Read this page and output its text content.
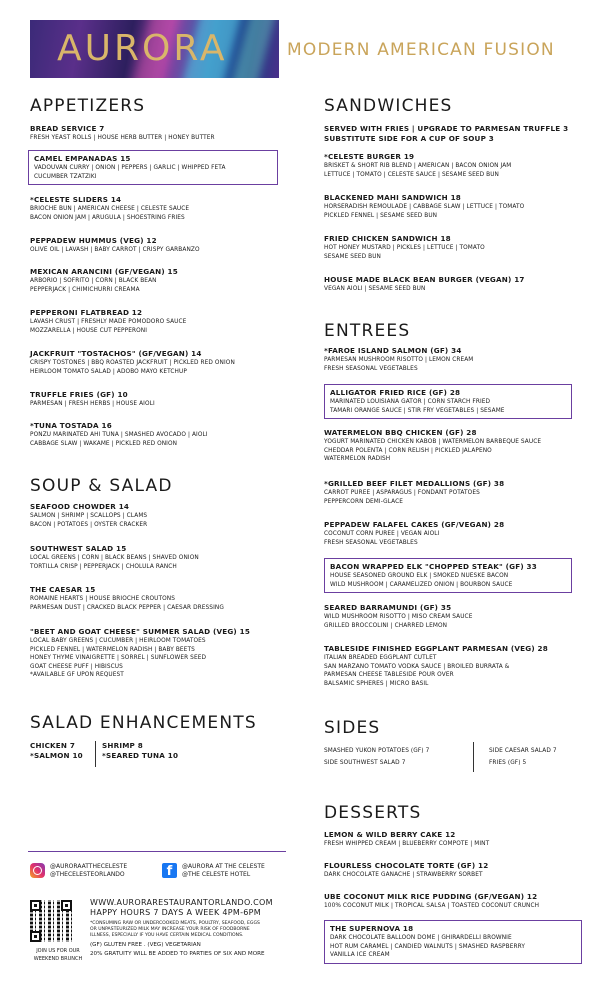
AURORA	MODERN AMERICAN FUSION
APPETIZERS
BREAD SERVICE 7
FRESH YEAST ROLLS | HOUSE HERB BUTTER | HONEY BUTTER
CAMEL EMPANADAS 15
VADOUVAN CURRY | ONION | PEPPERS | GARLIC | WHIPPED FETA
CUCUMBER TZATZIKI
*CELESTE SLIDERS 14
BRIOCHE BUN | AMERICAN CHEESE | CELESTE SAUCE
BACON ONION JAM | ARUGULA | SHOESTRING FRIES
PEPPADEW HUMMUS (VEG) 12
OLIVE OIL | LAVASH | BABY CARROT | CRISPY GARBANZO
MEXICAN ARANCINI (GF/VEGAN) 15
ARBORIO | SOFRITO | CORN | BLACK BEAN
PEPPERJACK | CHIMICHURRI CREAMA
PEPPERONI FLATBREAD 12
LAVASH CRUST | FRESHLY MADE POMODORO SAUCE
MOZZARELLA | HOUSE CUT PEPPERONI
JACKFRUIT "TOSTACHOS" (GF/VEGAN) 14
CRISPY TOSTONES | BBQ ROASTED JACKFRUIT | PICKLED RED ONION
HEIRLOOM TOMATO SALAD | ADOBO MAYO KETCHUP
TRUFFLE FRIES (GF) 10
PARMESAN | FRESH HERBS | HOUSE AIOLI
*TUNA TOSTADA 16
PONZU MARINATED AHI TUNA | SMASHED AVOCADO | AIOLI
CABBAGE SLAW | WAKAME | PICKLED RED ONION
SOUP & SALAD
SEAFOOD CHOWDER 14
SALMON | SHRIMP | SCALLOPS | CLAMS
BACON | POTATOES | OYSTER CRACKER
SOUTHWEST SALAD 15
LOCAL GREENS | CORN | BLACK BEANS | SHAVED ONION
TORTILLA CRISP | PEPPERJACK | CHOLULA RANCH
THE CAESAR 15
ROMAINE HEARTS | HOUSE BRIOCHE CROUTONS
PARMESAN DUST | CRACKED BLACK PEPPER | CAESAR DRESSING
"BEET AND GOAT CHEESE" SUMMER SALAD (VEG) 15
LOCAL BABY GREENS | CUCUMBER | HEIRLOOM TOMATOES
PICKLED FENNEL | WATERMELON RADISH | BABY BEETS
HONEY THYME VINAIGRETTE | SORREL | SUNFLOWER SEED
GOAT CHEESE PUFF | HIBISCUS
*AVAILABLE GF UPON REQUEST
SALAD ENHANCEMENTS
CHICKEN 7
*SALMON 10
SHRIMP 8
*SEARED TUNA 10
SANDWICHES
SERVED WITH FRIES | UPGRADE TO PARMESAN TRUFFLE 3
SUBSTITUTE SIDE FOR A CUP OF SOUP 3
*CELESTE BURGER 19
BRISKET & SHORT RIB BLEND | AMERICAN | BACON ONION JAM
LETTUCE | TOMATO | CELESTE SAUCE | SESAME SEED BUN
BLACKENED MAHI SANDWICH 18
HORSERADISH REMOULADE | CABBAGE SLAW | LETTUCE | TOMATO
PICKLED FENNEL | SESAME SEED BUN
FRIED CHICKEN SANDWICH 18
HOT HONEY MUSTARD | PICKLES | LETTUCE | TOMATO
SESAME SEED BUN
HOUSE MADE BLACK BEAN BURGER (VEGAN) 17
VEGAN AIOLI | SESAME SEED BUN
ENTREES
*FAROE ISLAND SALMON (GF) 34
PARMESAN MUSHROOM RISOTTO | LEMON CREAM
FRESH SEASONAL VEGETABLES
ALLIGATOR FRIED RICE (GF) 28
MARINATED LOUISIANA GATOR | CORN STARCH FRIED
TAMARI ORANGE SAUCE | STIR FRY VEGETABLES | SESAME
WATERMELON BBQ CHICKEN (GF) 28
YOGURT MARINATED CHICKEN KABOB | WATERMELON BARBEQUE SAUCE
CHEDDAR POLENTA | CORN RELISH | PICKLED JALAPENO
WATERMELON RADISH
*GRILLED BEEF FILET MEDALLIONS (GF) 38
CARROT PUREE | ASPARAGUS | FONDANT POTATOES
PEPPERCORN DEMI-GLACE
PEPPADEW FALAFEL CAKES (GF/VEGAN) 28
COCONUT CORN PUREE | VEGAN AIOLI
FRESH SEASONAL VEGETABLES
BACON WRAPPED ELK "CHOPPED STEAK" (GF) 33
HOUSE SEASONED GROUND ELK | SMOKED NUESKE BACON
WILD MUSHROOM | CARAMELIZED ONION | BOURBON SAUCE
SEARED BARRAMUNDI (GF) 35
WILD MUSHROOM RISOTTO | MISO CREAM SAUCE
GRILLED BROCCOLINI | CHARRED LEMON
TABLESIDE FINISHED EGGPLANT PARMESAN (VEG) 28
ITALIAN BREADED EGGPLANT CUTLET
SAN MARZANO TOMATO VODKA SAUCE | BROILED BURRATA &
PARMESAN CHEESE TABLESIDE POUR OVER
BALSAMIC SPHERES | MICRO BASIL
SIDES
SMASHED YUKON POTATOES (GF) 7
SIDE SOUTHWEST SALAD 7
SIDE CAESAR SALAD 7
FRIES (GF) 5
DESSERTS
LEMON & WILD BERRY CAKE 12
FRESH WHIPPED CREAM | BLUEBERRY COMPOTE | MINT
FLOURLESS CHOCOLATE TORTE (GF) 12
DARK CHOCOLATE GANACHE | STRAWBERRY SORBET
UBE COCONUT MILK RICE PUDDING (GF/VEGAN) 12
100% COCONUT MILK | TROPICAL SALSA | TOASTED COCONUT CRUNCH
THE SUPERNOVA 18
DARK CHOCOLATE BALLOON DOME | GHIRARDELLI BROWNIE
HOT RUM CARAMEL | CANDIED WALNUTS | SMASHED RASPBERRY
VANILLA ICE CREAM
@AURORAATTHECELESTE
@THECELESTEORLANDO	f	@AURORA AT THE CELESTE
@THE CELESTE HOTEL
JOIN US FOR OUR
WEEKEND BRUNCH
WWW.AURORARESTAURANTORLANDO.COM
HAPPY HOURS 7 DAYS A WEEK 4PM-6PM
*CONSUMING RAW OR UNDERCOOKED MEATS, POULTRY, SEAFOOD, EGGS
OR UNPASTEURIZED MILK MAY INCREASE YOUR RISK OF FOODBORNE
ILLNESS, ESPECIALLY IF YOU HAVE CERTAIN MEDICAL CONDITIONS.
(GF) GLUTEN FREE . (VEG) VEGETARIAN
20% GRATUITY WILL BE ADDED TO PARTIES OF SIX AND MORE
